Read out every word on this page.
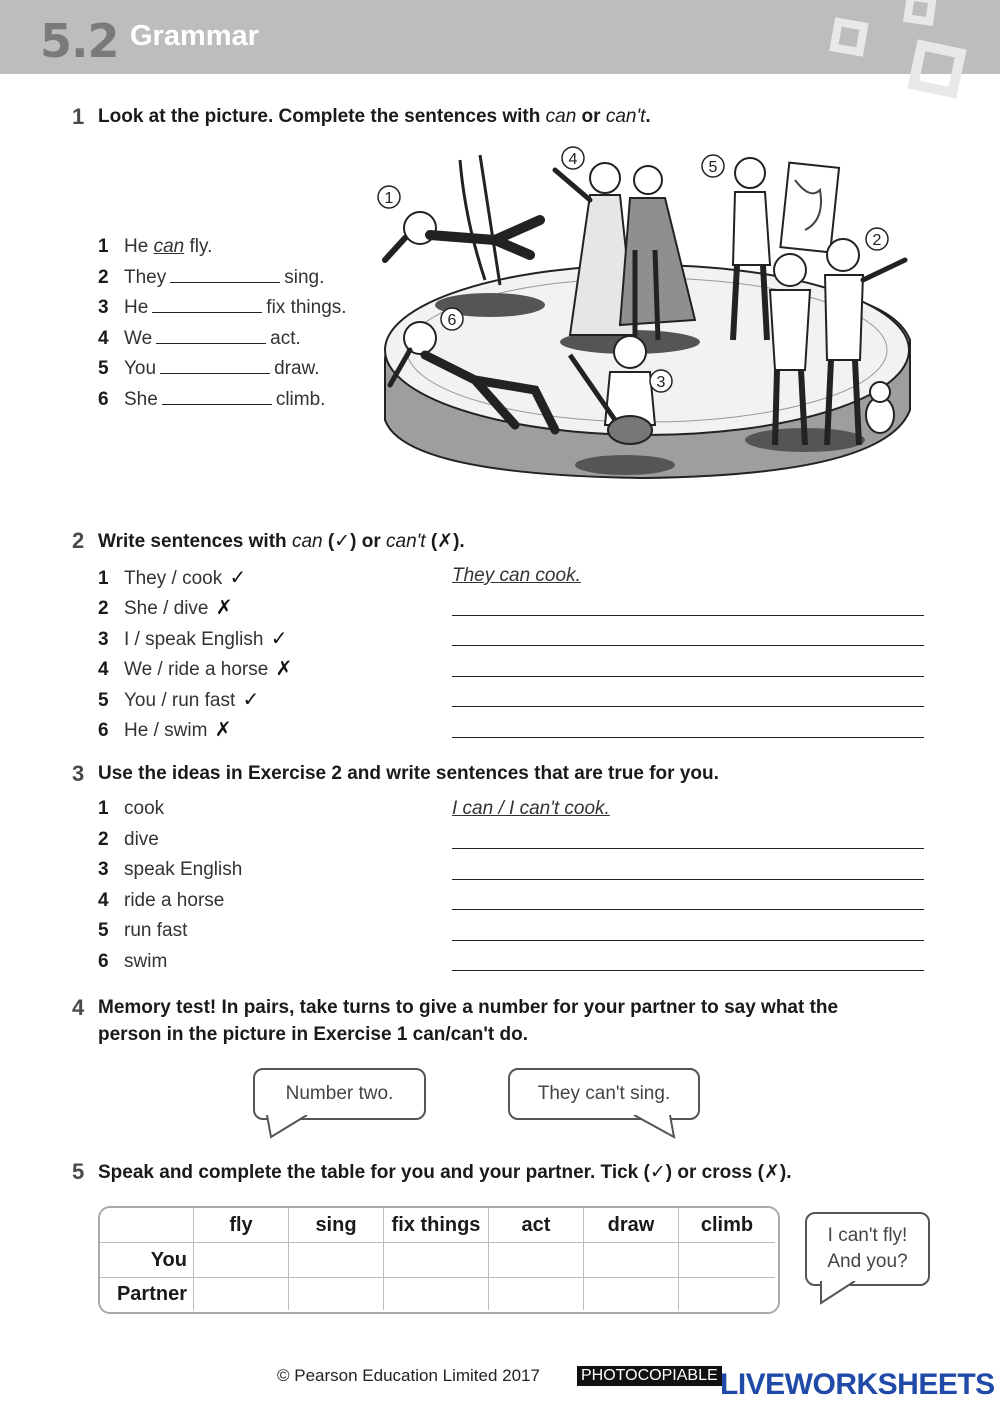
5.2 Grammar
1 Look at the picture. Complete the sentences with can or can't.
1 He can fly.
2 They	sing.
3 He	fix things.
4 We	act.
5 You	draw.
6 She	climb.
1
2
3
4	5
6
2 Write sentences with can (✓) or can't (✗).
1 They / cook ✓
2 She / dive ✗
3 I / speak English ✓
4 We / ride a horse ✗
5 You / run fast ✓
6 He / swim ✗
They can cook.
3 Use the ideas in Exercise 2 and write sentences that are true for you.
1 cook
2 dive
3 speak English
4 ride a horse
5 run fast
6 swim
I can / I can't cook.
4 Memory test! In pairs, take turns to give a number for your partner to say what the
person in the picture in Exercise 1 can/can't do.
Number two.	They can't sing.
5 Speak and complete the table for you and your partner. Tick (✓) or cross (✗).
fly	sing	fix things	act	draw	climb
You
Partner
I can't fly!
And you?
© Pearson Education Limited 2017	PHOTOCOPIABLE LIVEWORKSHEETS
